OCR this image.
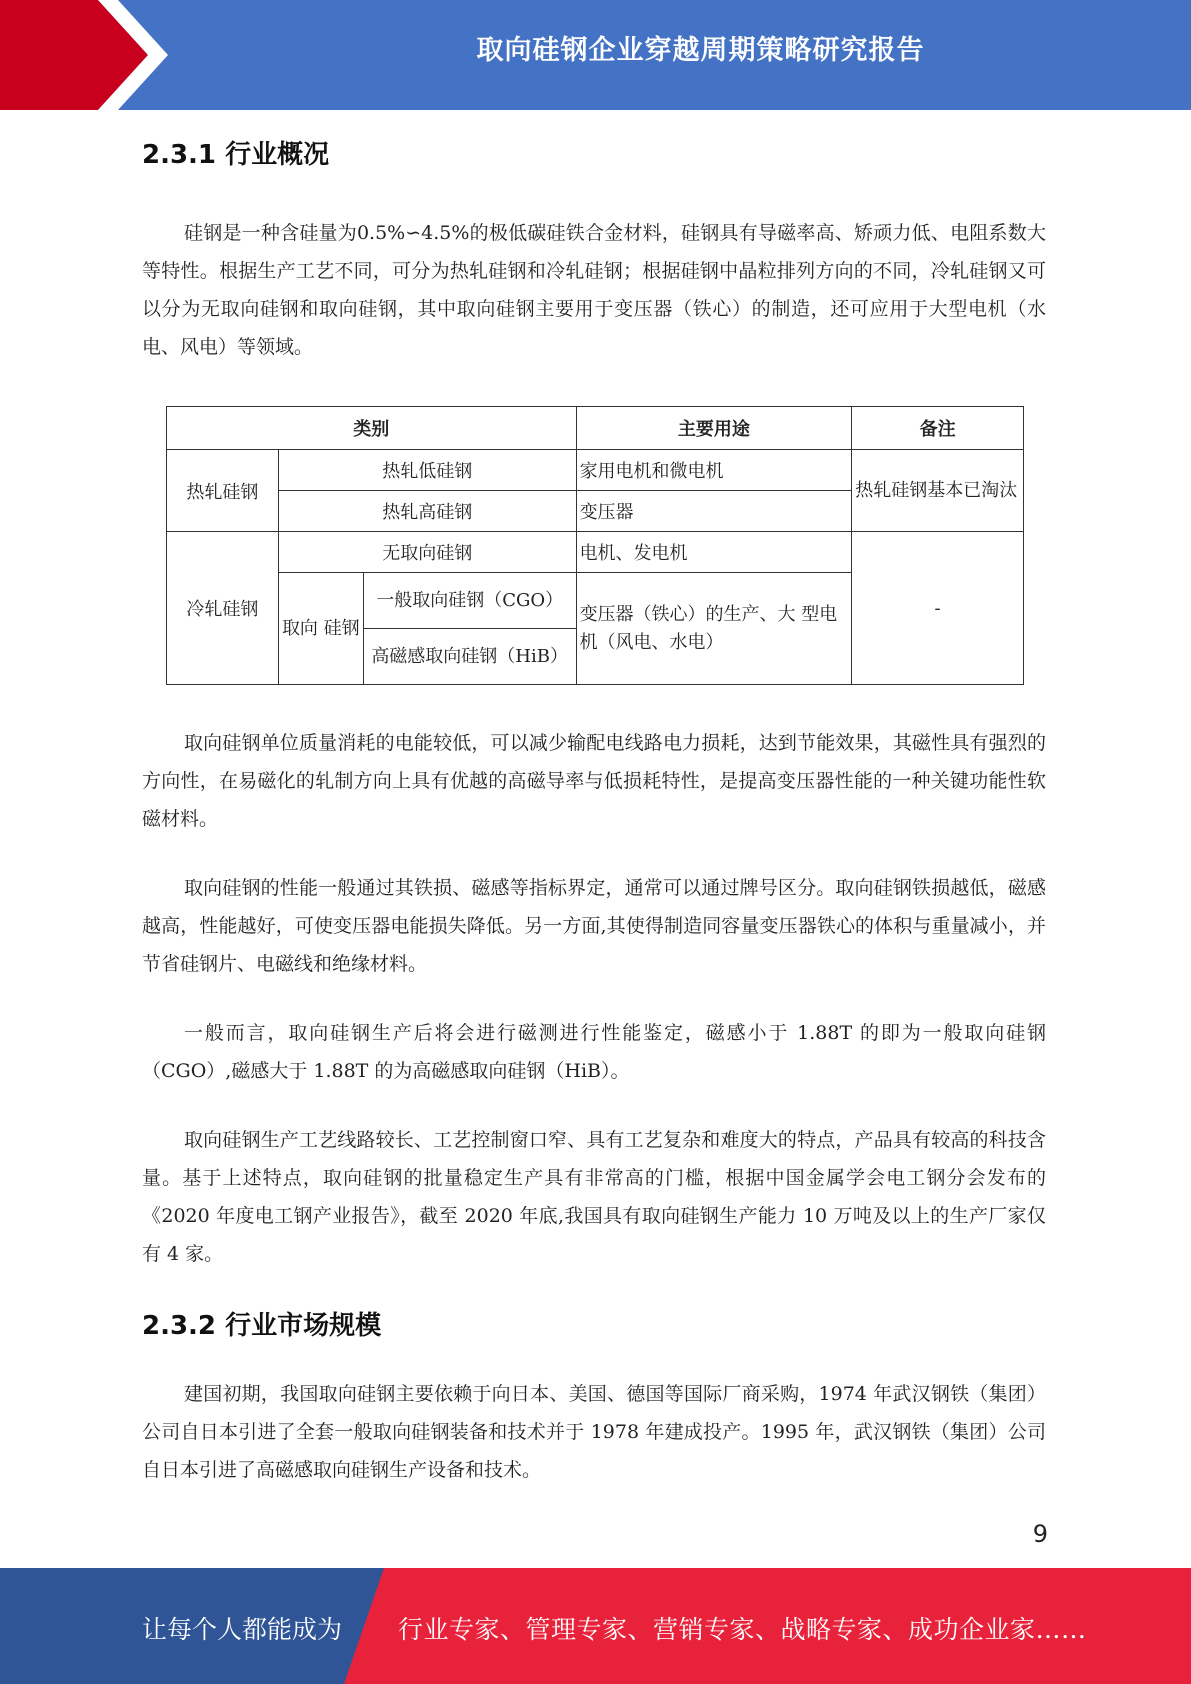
取向硅钢企业穿越周期策略研究报告
2.3.1 行业概况

硅钢是一种含硅量为0.5%∽4.5%的极低碳硅铁合金材料，硅钢具有导磁率高、矫顽力低、电阻系数大等特性。根据生产工艺不同，可分为热轧硅钢和冷轧硅钢；根据硅钢中晶粒排列方向的不同，冷轧硅钢又可以分为无取向硅钢和取向硅钢，其中取向硅钢主要用于变压器（铁心）的制造，还可应用于大型电机（水电、风电）等领域。

类别			主要用途	备注
热轧硅钢	热轧低硅钢		家用电机和微电机	热轧硅钢基本已淘汰
	热轧高硅钢		变压器	
冷轧硅钢	无取向硅钢		电机、发电机	-
	取向 硅钢	一般取向硅钢（CGO）	变压器（铁心）的生产、大 型电机（风电、水电）	
		高磁感取向硅钢（HiB）		

取向硅钢单位质量消耗的电能较低，可以减少输配电线路电力损耗，达到节能效果，其磁性具有强烈的方向性，在易磁化的轧制方向上具有优越的高磁导率与低损耗特性，是提高变压器性能的一种关键功能性软磁材料。

取向硅钢的性能一般通过其铁损、磁感等指标界定，通常可以通过牌号区分。取向硅钢铁损越低，磁感越高，性能越好，可使变压器电能损失降低。另一方面,其使得制造同容量变压器铁心的体积与重量减小，并节省硅钢片、电磁线和绝缘材料。

一般而言，取向硅钢生产后将会进行磁测进行性能鉴定，磁感小于 1.88T 的即为一般取向硅钢（CGO）,磁感大于 1.88T 的为高磁感取向硅钢（HiB）。

取向硅钢生产工艺线路较长、工艺控制窗口窄、具有工艺复杂和难度大的特点，产品具有较高的科技含量。基于上述特点，取向硅钢的批量稳定生产具有非常高的门槛，根据中国金属学会电工钢分会发布的《2020 年度电工钢产业报告》，截至 2020 年底,我国具有取向硅钢生产能力 10 万吨及以上的生产厂家仅有 4 家。

2.3.2 行业市场规模

建国初期，我国取向硅钢主要依赖于向日本、美国、德国等国际厂商采购，1974 年武汉钢铁（集团）公司自日本引进了全套一般取向硅钢装备和技术并于 1978 年建成投产。1995 年，武汉钢铁（集团）公司自日本引进了高磁感取向硅钢生产设备和技术。

9
让每个人都能成为 行业专家、管理专家、营销专家、战略专家、成功企业家……
